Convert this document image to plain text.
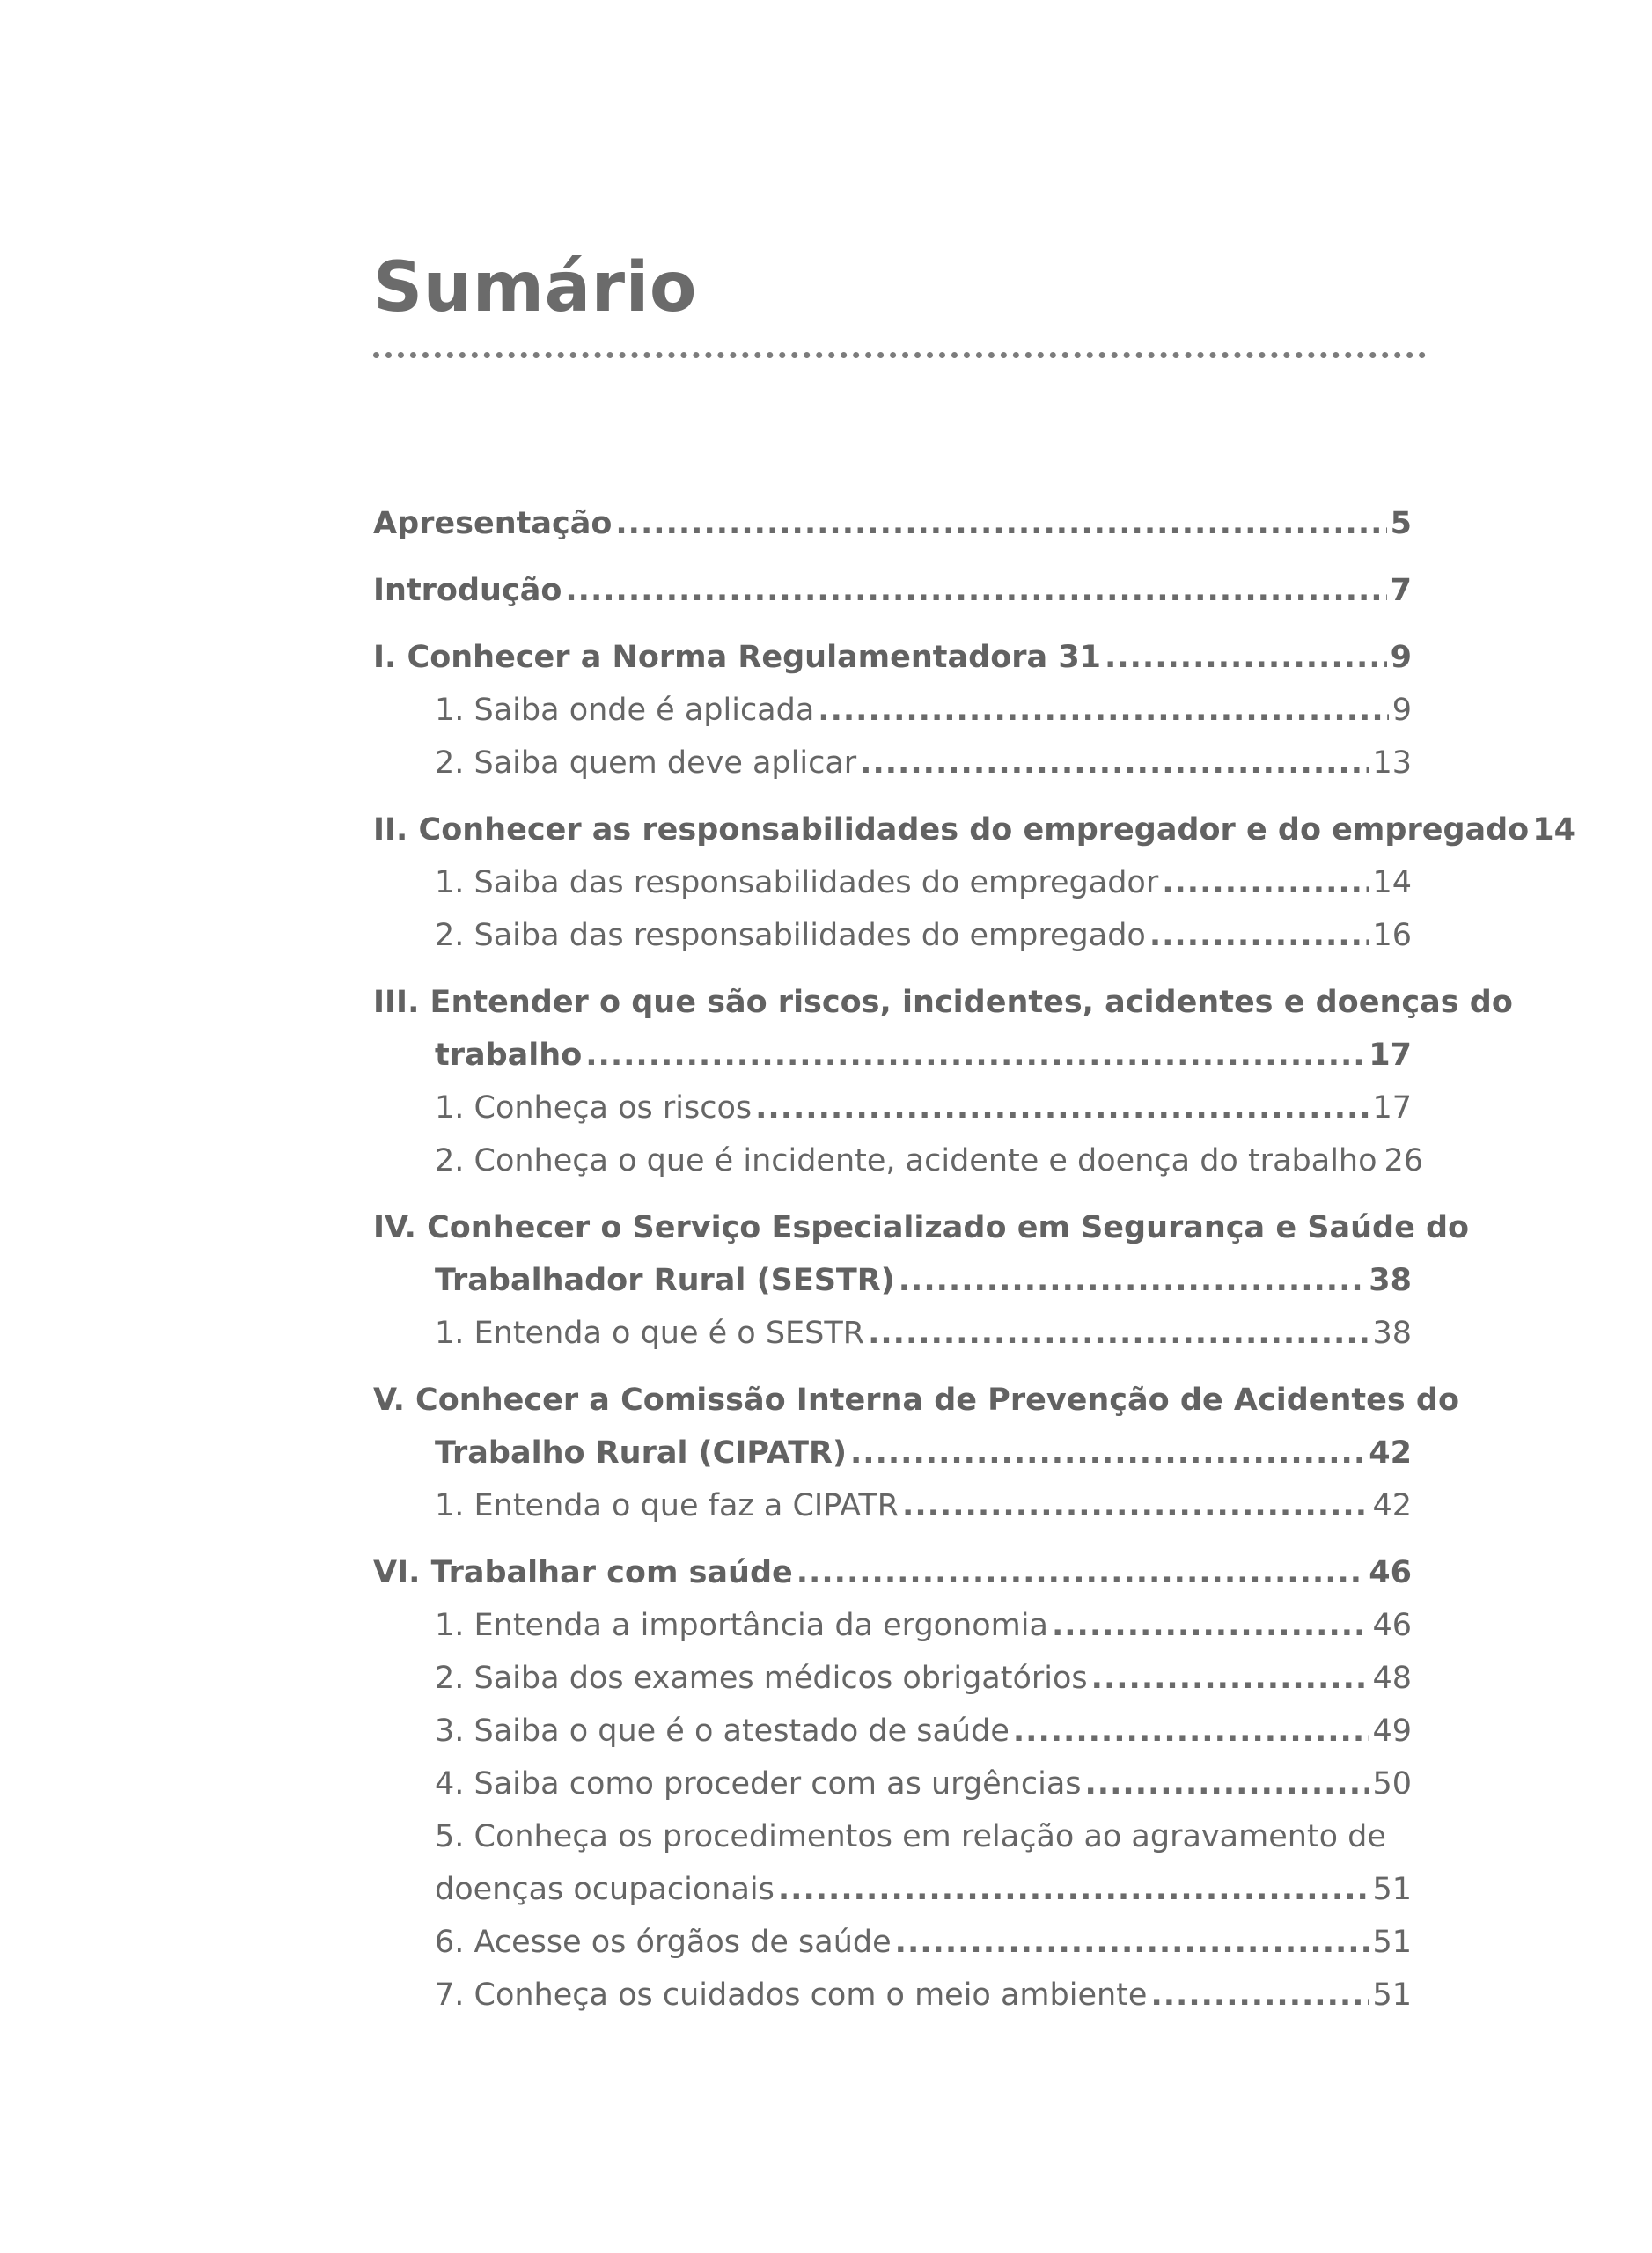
Sumário
Apresentação .....	5
Introdução .....	7
I. Conhecer a Norma Regulamentadora 31 .....	9
1. Saiba onde é aplicada .....	9
2. Saiba quem deve aplicar .....	13
II. Conhecer as responsabilidades do empregador e do empregado 14
1. Saiba das responsabilidades do empregador .....	14
2. Saiba das responsabilidades do empregado .....	16
III. Entender o que são riscos, incidentes, acidentes e doenças do
trabalho .....	17
1. Conheça os riscos .....	17
2. Conheça o que é incidente, acidente e doença do trabalho 26
IV. Conhecer o Serviço Especializado em Segurança e Saúde do
Trabalhador Rural (SESTR) .....	38
1. Entenda o que é o SESTR .....	38
V. Conhecer a Comissão Interna de Prevenção de Acidentes do
Trabalho Rural (CIPATR) .....	42
1. Entenda o que faz a CIPATR .....	42
VI. Trabalhar com saúde .....	46
1. Entenda a importância da ergonomia .....	46
2. Saiba dos exames médicos obrigatórios .....	48
3. Saiba o que é o atestado de saúde .....	49
4. Saiba como proceder com as urgências .....	50
5. Conheça os procedimentos em relação ao agravamento de
doenças ocupacionais .....	51
6. Acesse os órgãos de saúde .....	51
7. Conheça os cuidados com o meio ambiente .....	51
